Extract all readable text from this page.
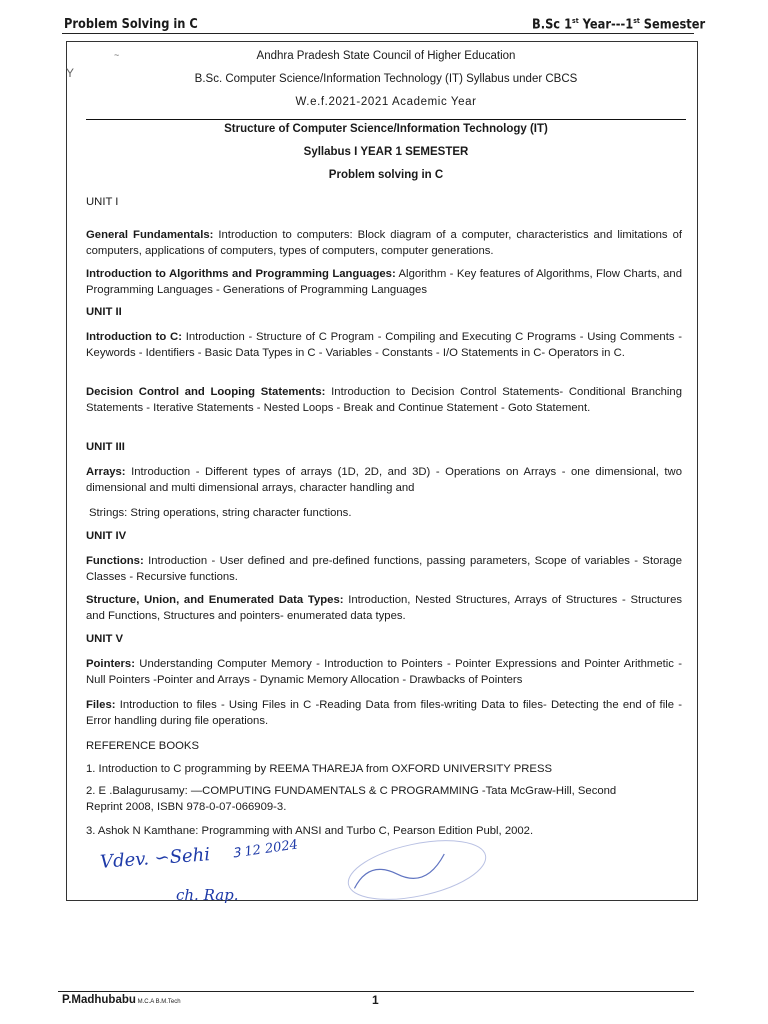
Problem Solving in C	B.Sc 1st Year---1st Semester
~
Y
Andhra Pradesh State Council of Higher Education
B.Sc. Computer Science/Information Technology (IT) Syllabus under CBCS
W.e.f.2021-2021 Academic Year
Structure of Computer Science/Information Technology (IT)
Syllabus I YEAR 1 SEMESTER
Problem solving in C
UNIT I
General Fundamentals: Introduction to computers: Block diagram of a computer, characteristics and limitations of computers, applications of computers, types of computers, computer generations.
Introduction to Algorithms and Programming Languages: Algorithm - Key features of Algorithms, Flow Charts, and Programming Languages - Generations of Programming Languages
UNIT II
Introduction to C: Introduction - Structure of C Program - Compiling and Executing C Programs - Using Comments -Keywords - Identifiers - Basic Data Types in C - Variables - Constants - I/O Statements in C- Operators in C.
Decision Control and Looping Statements: Introduction to Decision Control Statements- Conditional Branching Statements - Iterative Statements - Nested Loops - Break and Continue Statement - Goto Statement.
UNIT III
Arrays: Introduction - Different types of arrays (1D, 2D, and 3D) - Operations on Arrays - one dimensional, two dimensional and multi dimensional arrays, character handling and
Strings: String operations, string character functions.
UNIT IV
Functions: Introduction - User defined and pre-defined functions, passing parameters, Scope of variables - Storage Classes - Recursive functions.
Structure, Union, and Enumerated Data Types: Introduction, Nested Structures, Arrays of Structures - Structures and Functions, Structures and pointers- enumerated data types.
UNIT V
Pointers: Understanding Computer Memory - Introduction to Pointers - Pointer Expressions and Pointer Arithmetic - Null Pointers -Pointer and Arrays - Dynamic Memory Allocation - Drawbacks of Pointers
Files: Introduction to files - Using Files in C -Reading Data from files-writing Data to files- Detecting the end of file -Error handling during file operations.
REFERENCE BOOKS
1. Introduction to C programming by REEMA THAREJA from OXFORD UNIVERSITY PRESS
2. E .Balagurusamy: —COMPUTING FUNDAMENTALS & C PROGRAMMING -Tata McGraw-Hill, Second Reprint 2008, ISBN 978-0-07-066909-3.
3. Ashok N Kamthane: Programming with ANSI and Turbo C, Pearson Edition Publ, 2002.
Vdev. ∽Sehi 𝟥 12 2024
ch. Rap.
P.Madhubabu M.C.A B.M.Tech	1
